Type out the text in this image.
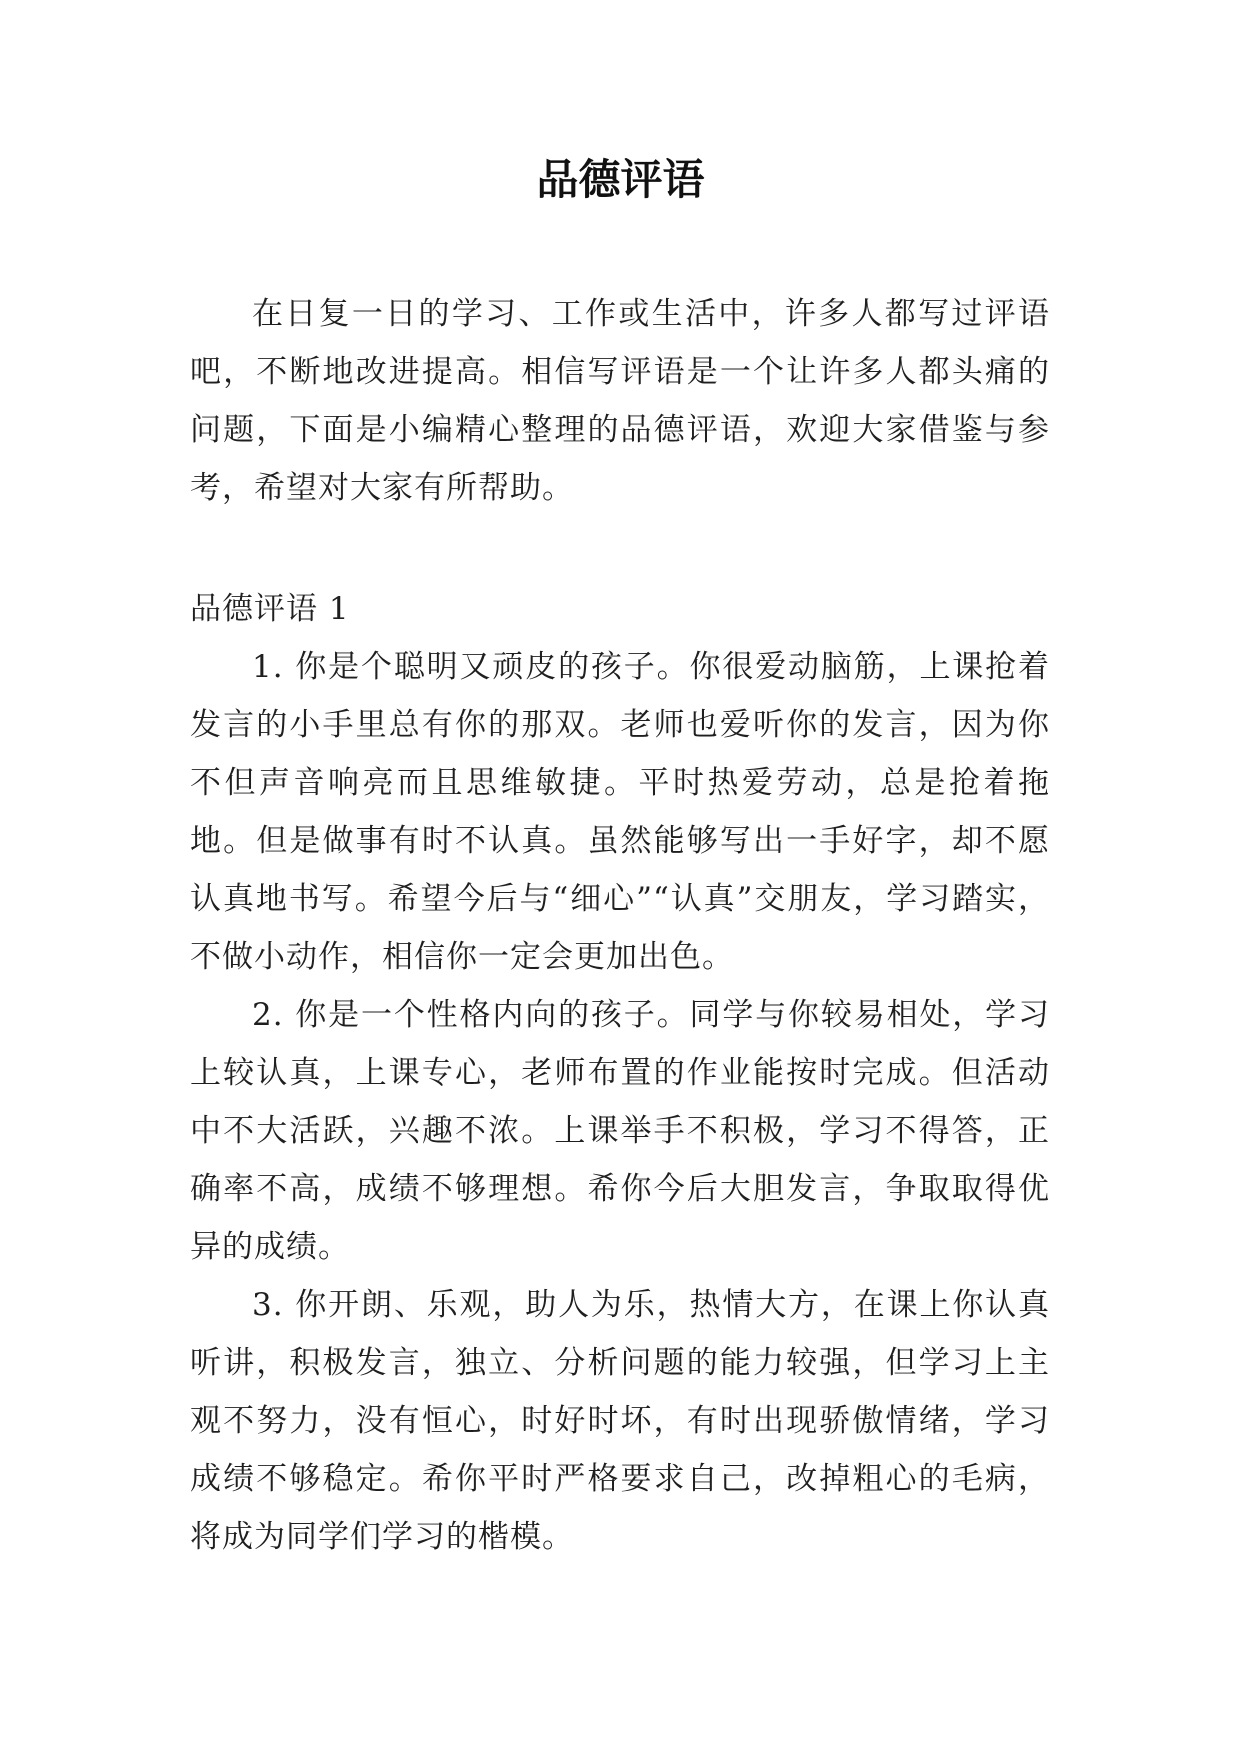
品德评语

在日复一日的学习、工作或生活中，许多人都写过评语吧，不断地改进提高。相信写评语是一个让许多人都头痛的问题，下面是小编精心整理的品德评语，欢迎大家借鉴与参考，希望对大家有所帮助。

品德评语 1

1. 你是个聪明又顽皮的孩子。你很爱动脑筋，上课抢着发言的小手里总有你的那双。老师也爱听你的发言，因为你不但声音响亮而且思维敏捷。平时热爱劳动，总是抢着拖地。但是做事有时不认真。虽然能够写出一手好字，却不愿认真地书写。希望今后与“细心”“认真”交朋友，学习踏实，不做小动作，相信你一定会更加出色。

2. 你是一个性格内向的孩子。同学与你较易相处，学习上较认真，上课专心，老师布置的作业能按时完成。但活动中不大活跃，兴趣不浓。上课举手不积极，学习不得答，正确率不高，成绩不够理想。希你今后大胆发言，争取取得优异的成绩。

3. 你开朗、乐观，助人为乐，热情大方，在课上你认真听讲，积极发言，独立、分析问题的能力较强，但学习上主观不努力，没有恒心，时好时坏，有时出现骄傲情绪，学习成绩不够稳定。希你平时严格要求自己，改掉粗心的毛病，将成为同学们学习的楷模。
